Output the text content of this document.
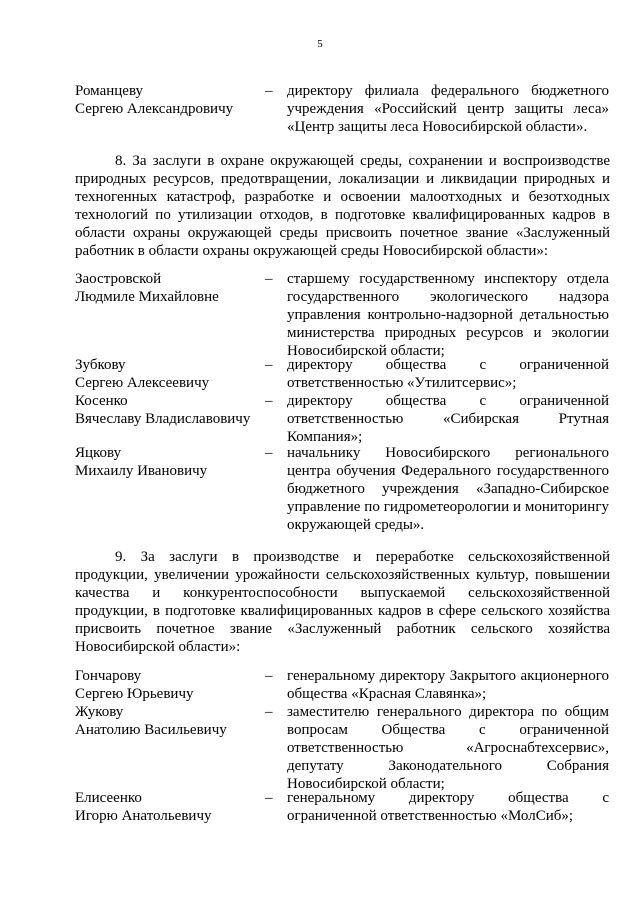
5
Романцеву
Сергею Александровичу
– директору филиала федерального бюджетного учреждения «Российский центр защиты леса» «Центр защиты леса Новосибирской области».
8. За заслуги в охране окружающей среды, сохранении и воспроизводстве природных ресурсов, предотвращении, локализации и ликвидации природных и техногенных катастроф, разработке и освоении малоотходных и безотходных технологий по утилизации отходов, в подготовке квалифицированных кадров в области охраны окружающей среды присвоить почетное звание «Заслуженный работник в области охраны окружающей среды Новосибирской области»:
Заостровской
Людмиле Михайловне
– старшему государственному инспектору отдела государственного экологического надзора управления контрольно-надзорной детальностью министерства природных ресурсов и экологии Новосибирской области;
Зубкову
Сергею Алексеевичу
– директору общества с ограниченной ответственностью «Утилитсервис»;
Косенко
Вячеславу Владиславовичу
– директору общества с ограниченной ответственностью «Сибирская Ртутная Компания»;
Яцкову
Михаилу Ивановичу
– начальнику Новосибирского регионального центра обучения Федерального государственного бюджетного учреждения «Западно-Сибирское управление по гидрометеорологии и мониторингу окружающей среды».
9. За заслуги в производстве и переработке сельскохозяйственной продукции, увеличении урожайности сельскохозяйственных культур, повышении качества и конкурентоспособности выпускаемой сельскохозяйственной продукции, в подготовке квалифицированных кадров в сфере сельского хозяйства присвоить почетное звание «Заслуженный работник сельского хозяйства Новосибирской области»:
Гончарову
Сергею Юрьевичу
– генеральному директору Закрытого акционерного общества «Красная Славянка»;
Жукову
Анатолию Васильевичу
– заместителю генерального директора по общим вопросам Общества с ограниченной ответственностью «Агроснабтехсервис», депутату Законодательного Собрания Новосибирской области;
Елисеенко
Игорю Анатольевичу
– генеральному директору общества с ограниченной ответственностью «МолСиб»;
